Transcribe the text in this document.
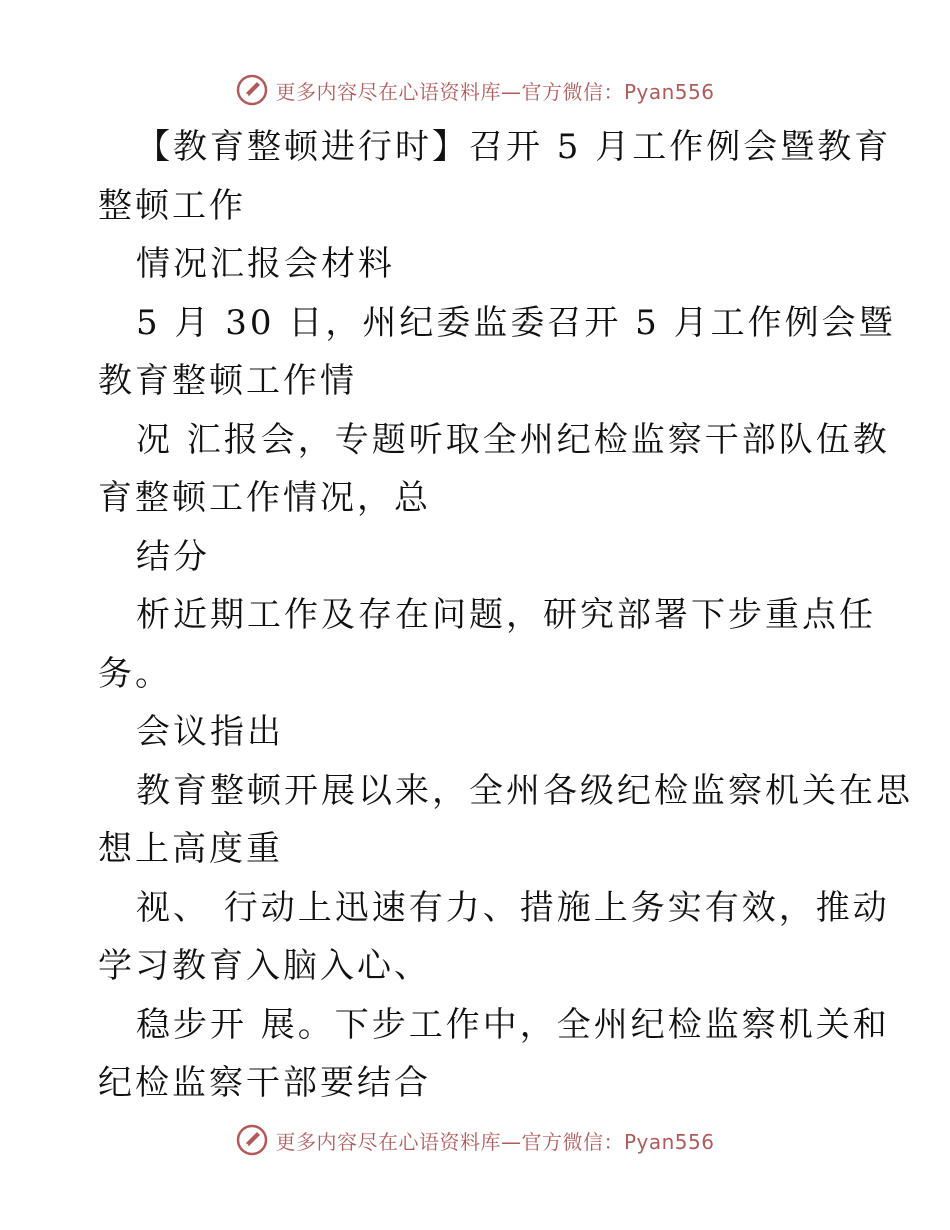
更多内容尽在心语资料库—官方微信：Pyan556
【教育整顿进行时】召开 5 月工作例会暨教育
整顿工作
情况汇报会材料
5 月 30 日，州纪委监委召开 5 月工作例会暨
教育整顿工作情
况 汇报会，专题听取全州纪检监察干部队伍教
育整顿工作情况，总
结分
析近期工作及存在问题，研究部署下步重点任
务。
会议指出
教育整顿开展以来，全州各级纪检监察机关在思
想上高度重
视、 行动上迅速有力、措施上务实有效，推动
学习教育入脑入心、
稳步开 展。下步工作中，全州纪检监察机关和
纪检监察干部要结合
更多内容尽在心语资料库—官方微信：Pyan556
